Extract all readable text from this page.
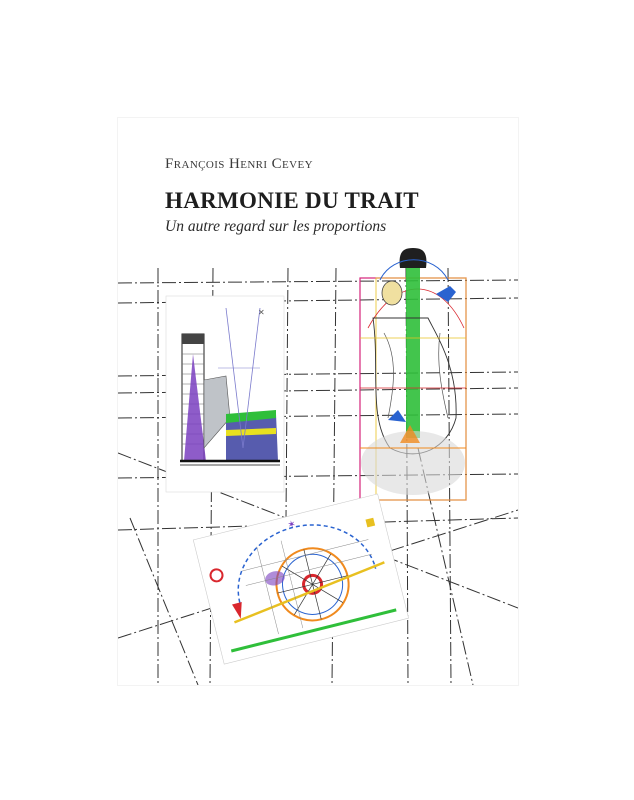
François Henri Cevey
HARMONIE DU TRAIT
Un autre regard sur les proportions
✕
✶
